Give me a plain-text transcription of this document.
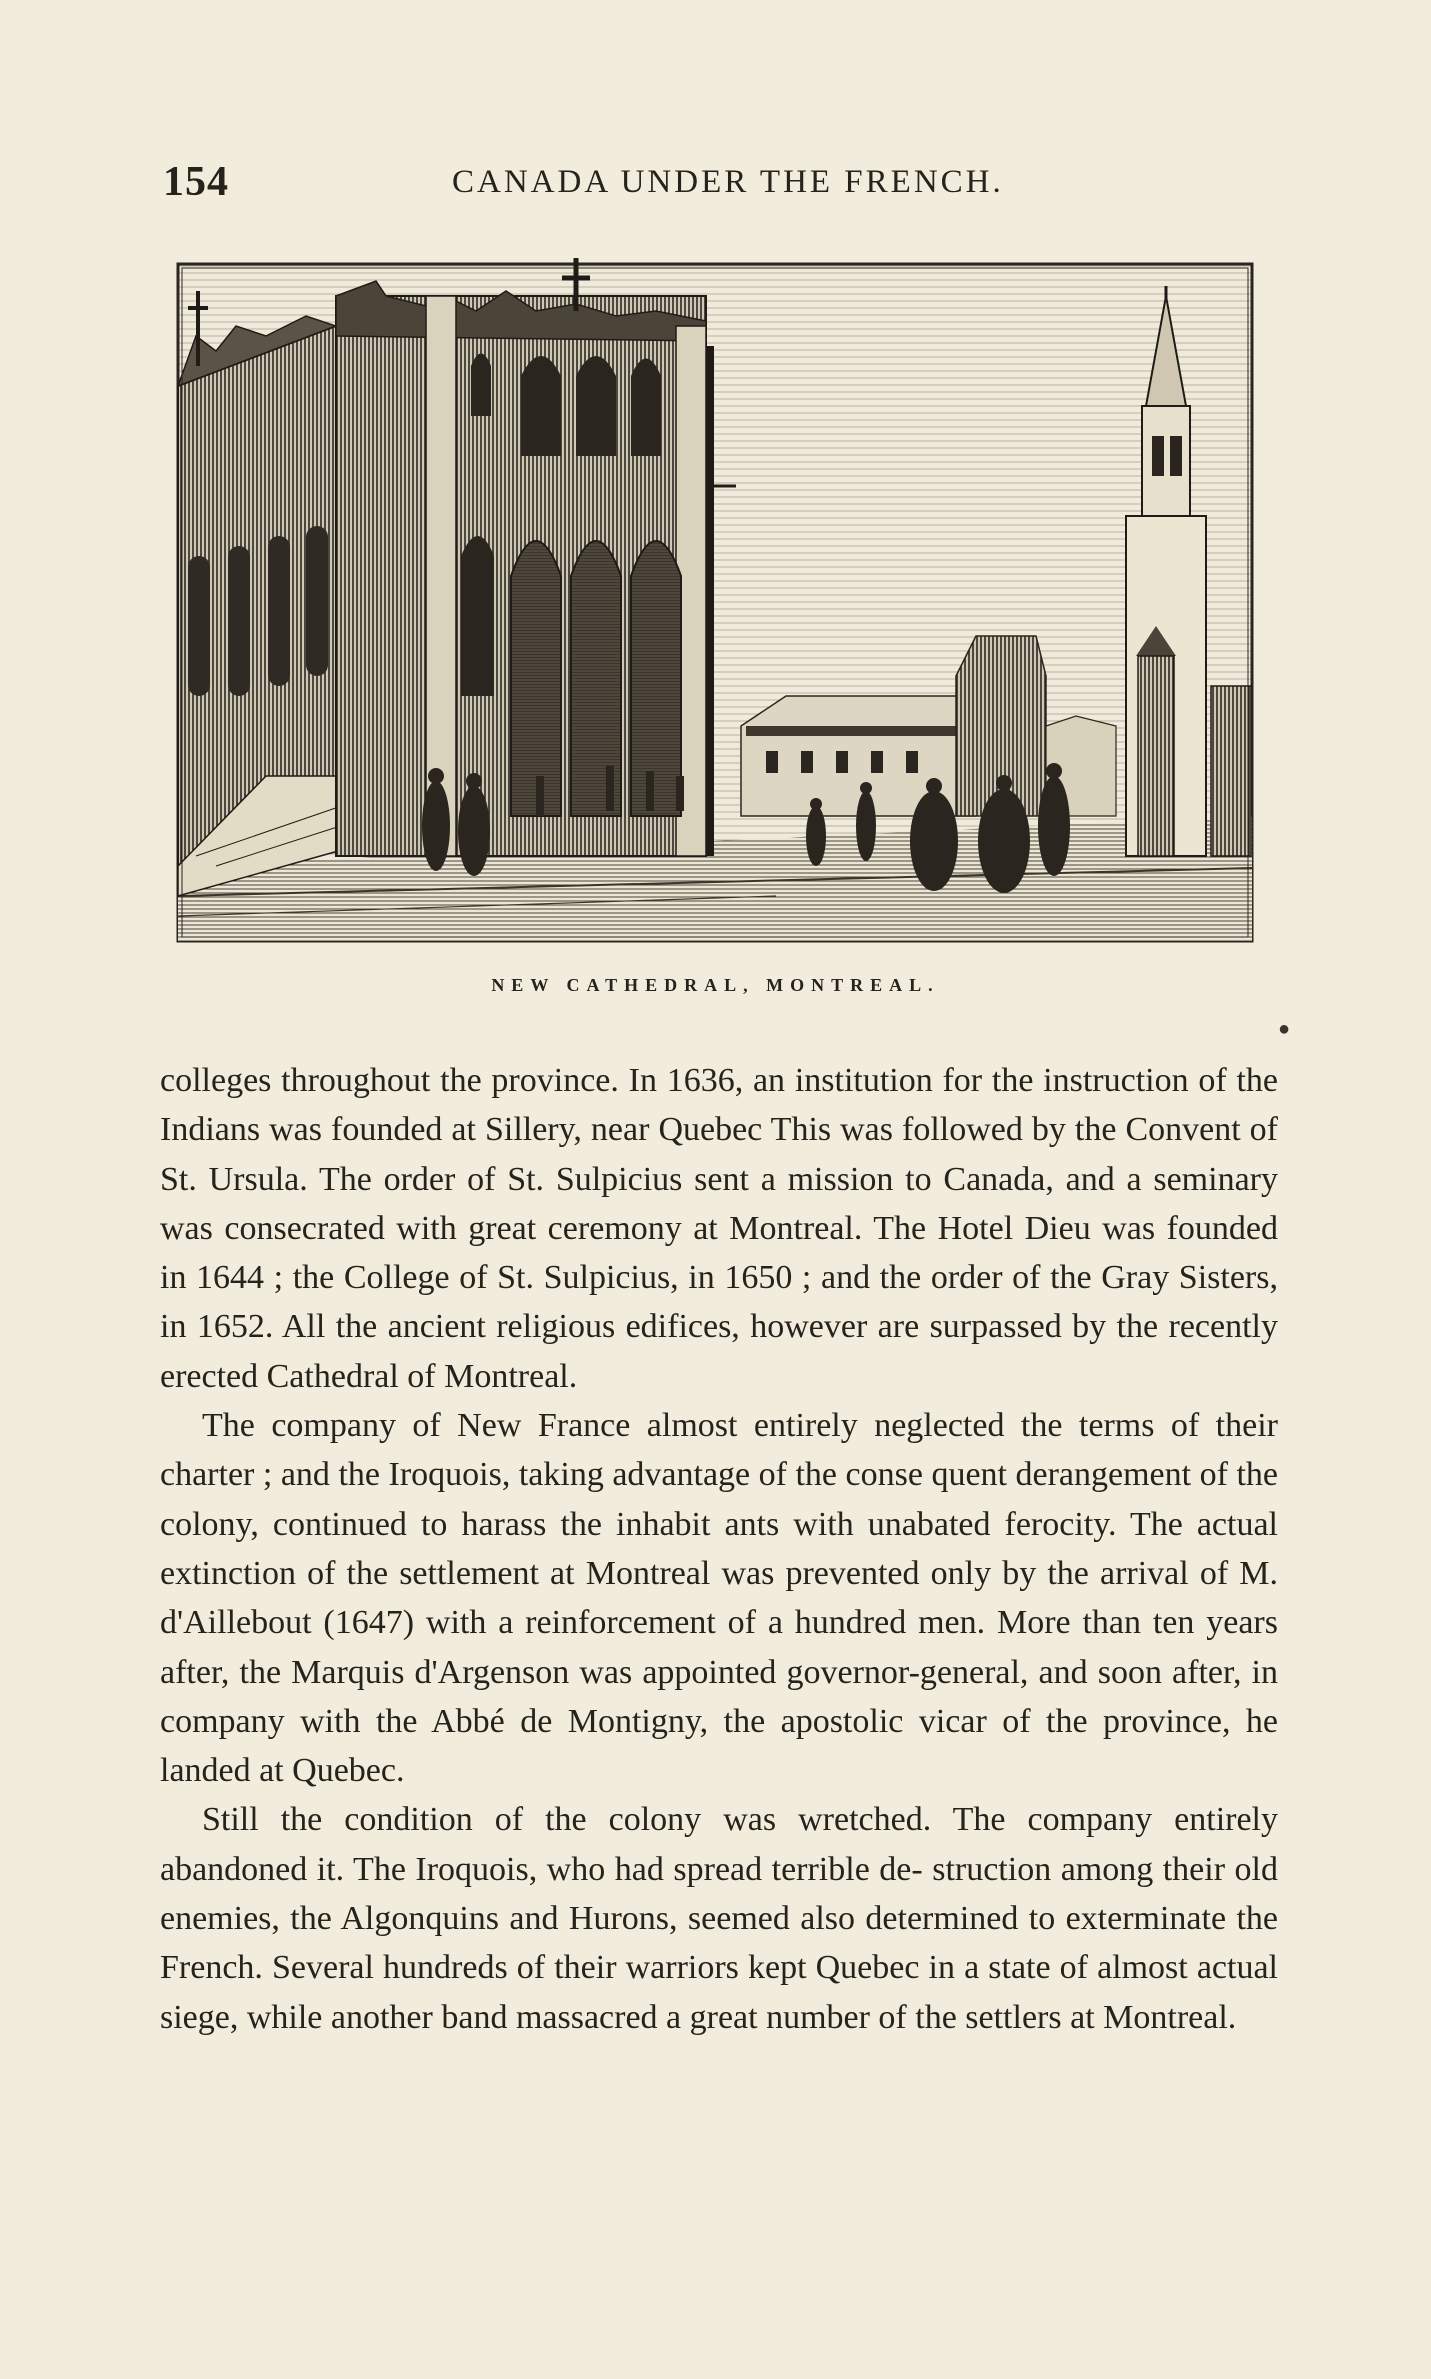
154	CANADA UNDER THE FRENCH.
NEW CATHEDRAL, MONTREAL.

colleges throughout the province. In 1636, an institution for the instruction of the Indians was founded at Sillery, near Quebec This was followed by the Convent of St. Ursula. The order of St. Sulpicius sent a mission to Canada, and a seminary was consecrated with great ceremony at Montreal. The Hotel Dieu was founded in 1644 ; the College of St. Sulpicius, in 1650 ; and the order of the Gray Sisters, in 1652. All the ancient religious edifices, however are surpassed by the recently erected Cathedral of Montreal.

The company of New France almost entirely neglected the terms of their charter ; and the Iroquois, taking advantage of the conse quent derangement of the colony, continued to harass the inhabit ants with unabated ferocity. The actual extinction of the settlement at Montreal was prevented only by the arrival of M. d'Aillebout (1647) with a reinforcement of a hundred men. More than ten years after, the Marquis d'Argenson was appointed governor-general, and soon after, in company with the Abbé de Montigny, the apostolic vicar of the province, he landed at Quebec.

Still the condition of the colony was wretched. The company entirely abandoned it. The Iroquois, who had spread terrible de- struction among their old enemies, the Algonquins and Hurons, seemed also determined to exterminate the French. Several hundreds of their warriors kept Quebec in a state of almost actual siege, while another band massacred a great number of the settlers at Montreal.

●
